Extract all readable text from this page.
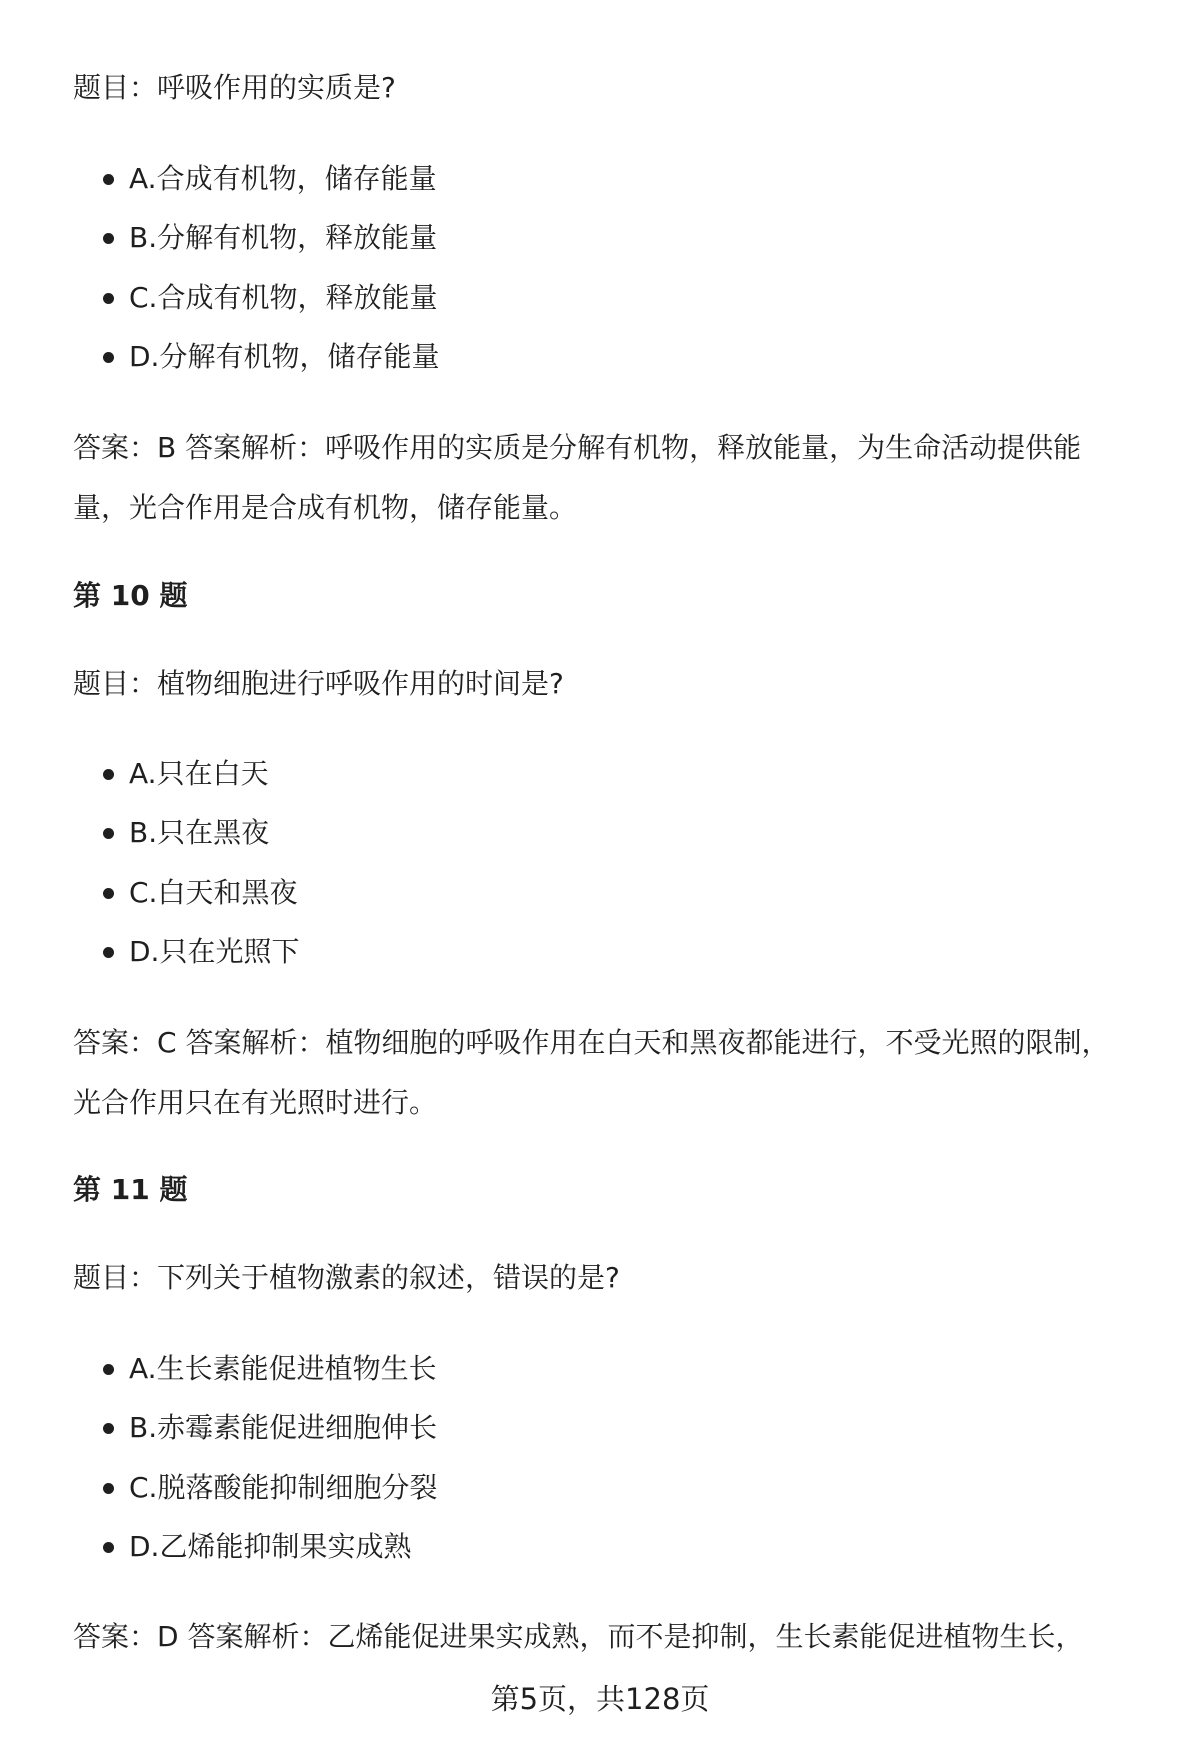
题目：呼吸作用的实质是?

A.合成有机物，储存能量
B.分解有机物，释放能量
C.合成有机物，释放能量
D.分解有机物，储存能量

答案：B 答案解析：呼吸作用的实质是分解有机物，释放能量，为生命活动提供能量，光合作用是合成有机物，储存能量。

第 10 题

题目：植物细胞进行呼吸作用的时间是?

A.只在白天
B.只在黑夜
C.白天和黑夜
D.只在光照下

答案：C 答案解析：植物细胞的呼吸作用在白天和黑夜都能进行，不受光照的限制，光合作用只在有光照时进行。

第 11 题

题目：下列关于植物激素的叙述，错误的是?

A.生长素能促进植物生长
B.赤霉素能促进细胞伸长
C.脱落酸能抑制细胞分裂
D.乙烯能抑制果实成熟

答案：D 答案解析：乙烯能促进果实成熟，而不是抑制，生长素能促进植物生长，

第5页，共128页
